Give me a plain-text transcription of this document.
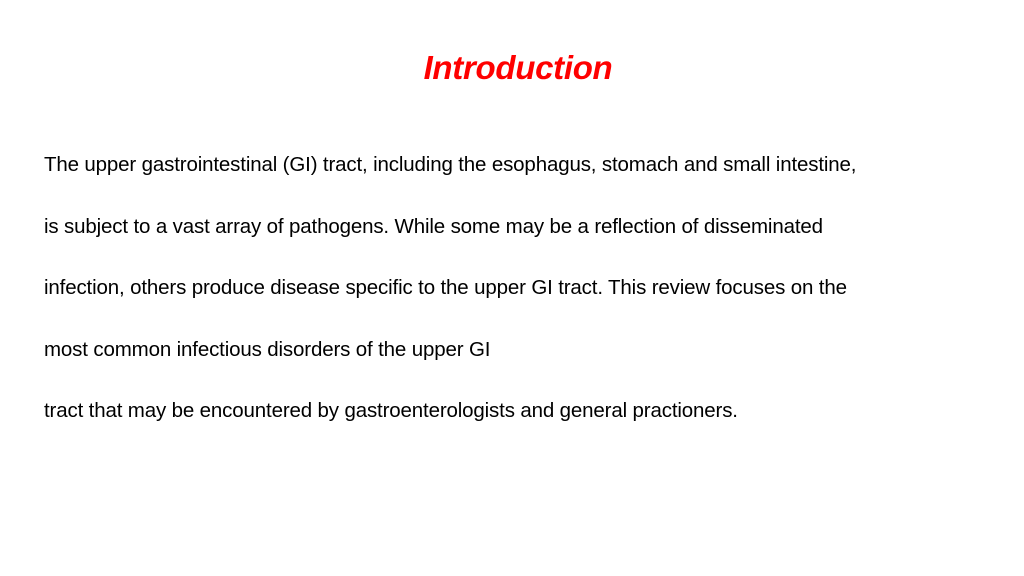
Introduction

The upper gastrointestinal (GI) tract, including the esophagus, stomach and small intestine,

is subject to a vast array of pathogens. While some may be a reflection of disseminated

infection, others produce disease specific to the upper GI tract. This review focuses on the

most common infectious disorders of the upper GI

tract that may be encountered by gastroenterologists and general practioners.
